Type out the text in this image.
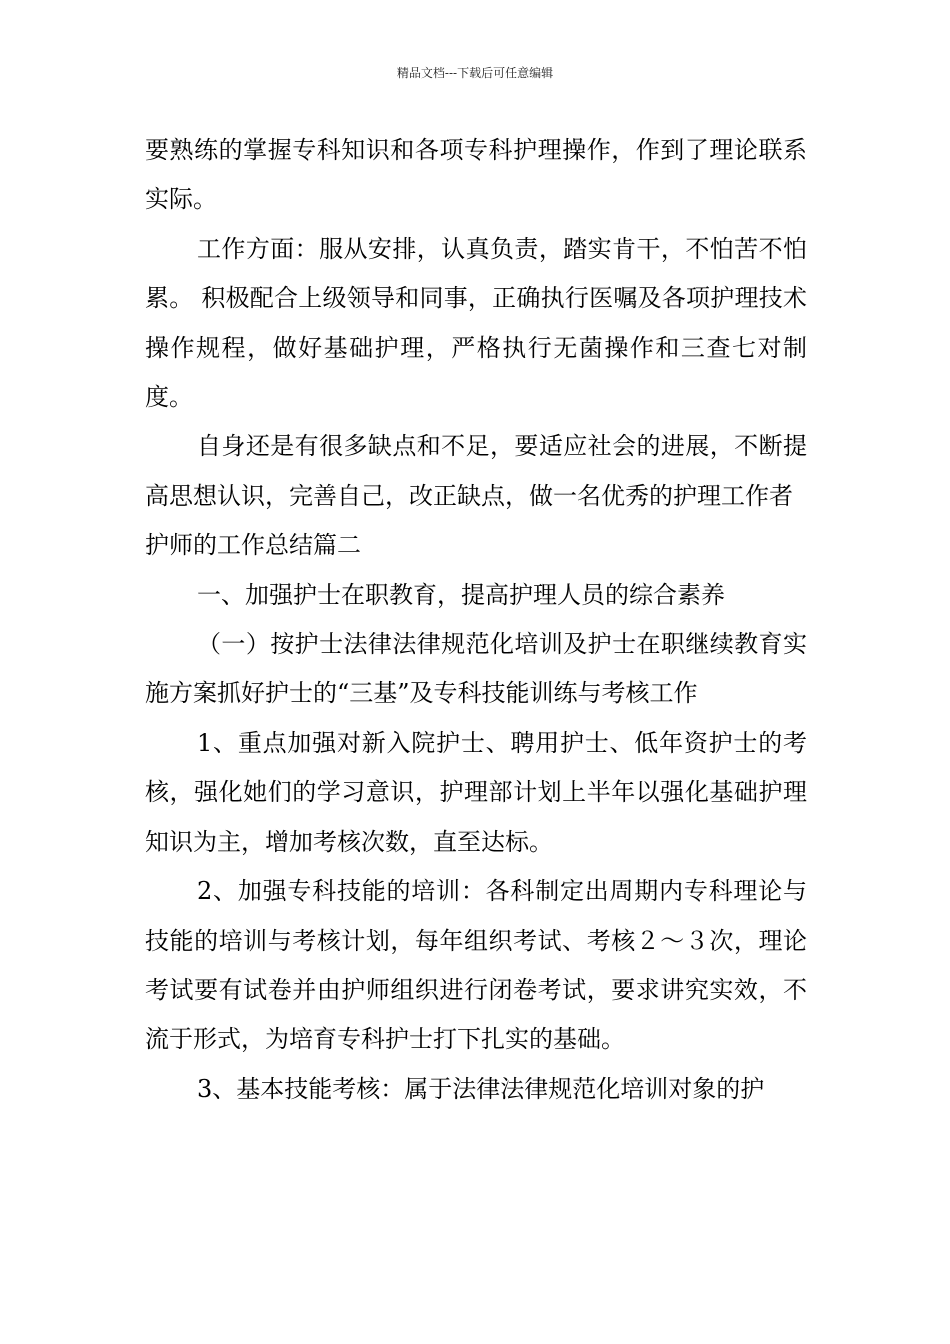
精品文档---下载后可任意编辑

要熟练的掌握专科知识和各项专科护理操作，作到了理论联系实际。

工作方面：服从安排，认真负责，踏实肯干，不怕苦不怕累。 积极配合上级领导和同事，正确执行医嘱及各项护理技术操作规程，做好基础护理，严格执行无菌操作和三查七对制度。

自身还是有很多缺点和不足，要适应社会的进展，不断提高思想认识，完善自己，改正缺点，做一名优秀的护理工作者

护师的工作总结篇二

一、加强护士在职教育，提高护理人员的综合素养

（一）按护士法律法律规范化培训及护士在职继续教育实施方案抓好护士的“三基”及专科技能训练与考核工作

1、重点加强对新入院护士、聘用护士、低年资护士的考核，强化她们的学习意识，护理部计划上半年以强化基础护理知识为主，增加考核次数，直至达标。

2、加强专科技能的培训：各科制定出周期内专科理论与技能的培训与考核计划，每年组织考试、考核２～３次，理论考试要有试卷并由护师组织进行闭卷考试，要求讲究实效，不流于形式，为培育专科护士打下扎实的基础。

3、基本技能考核：属于法律法律规范化培训对象的护
